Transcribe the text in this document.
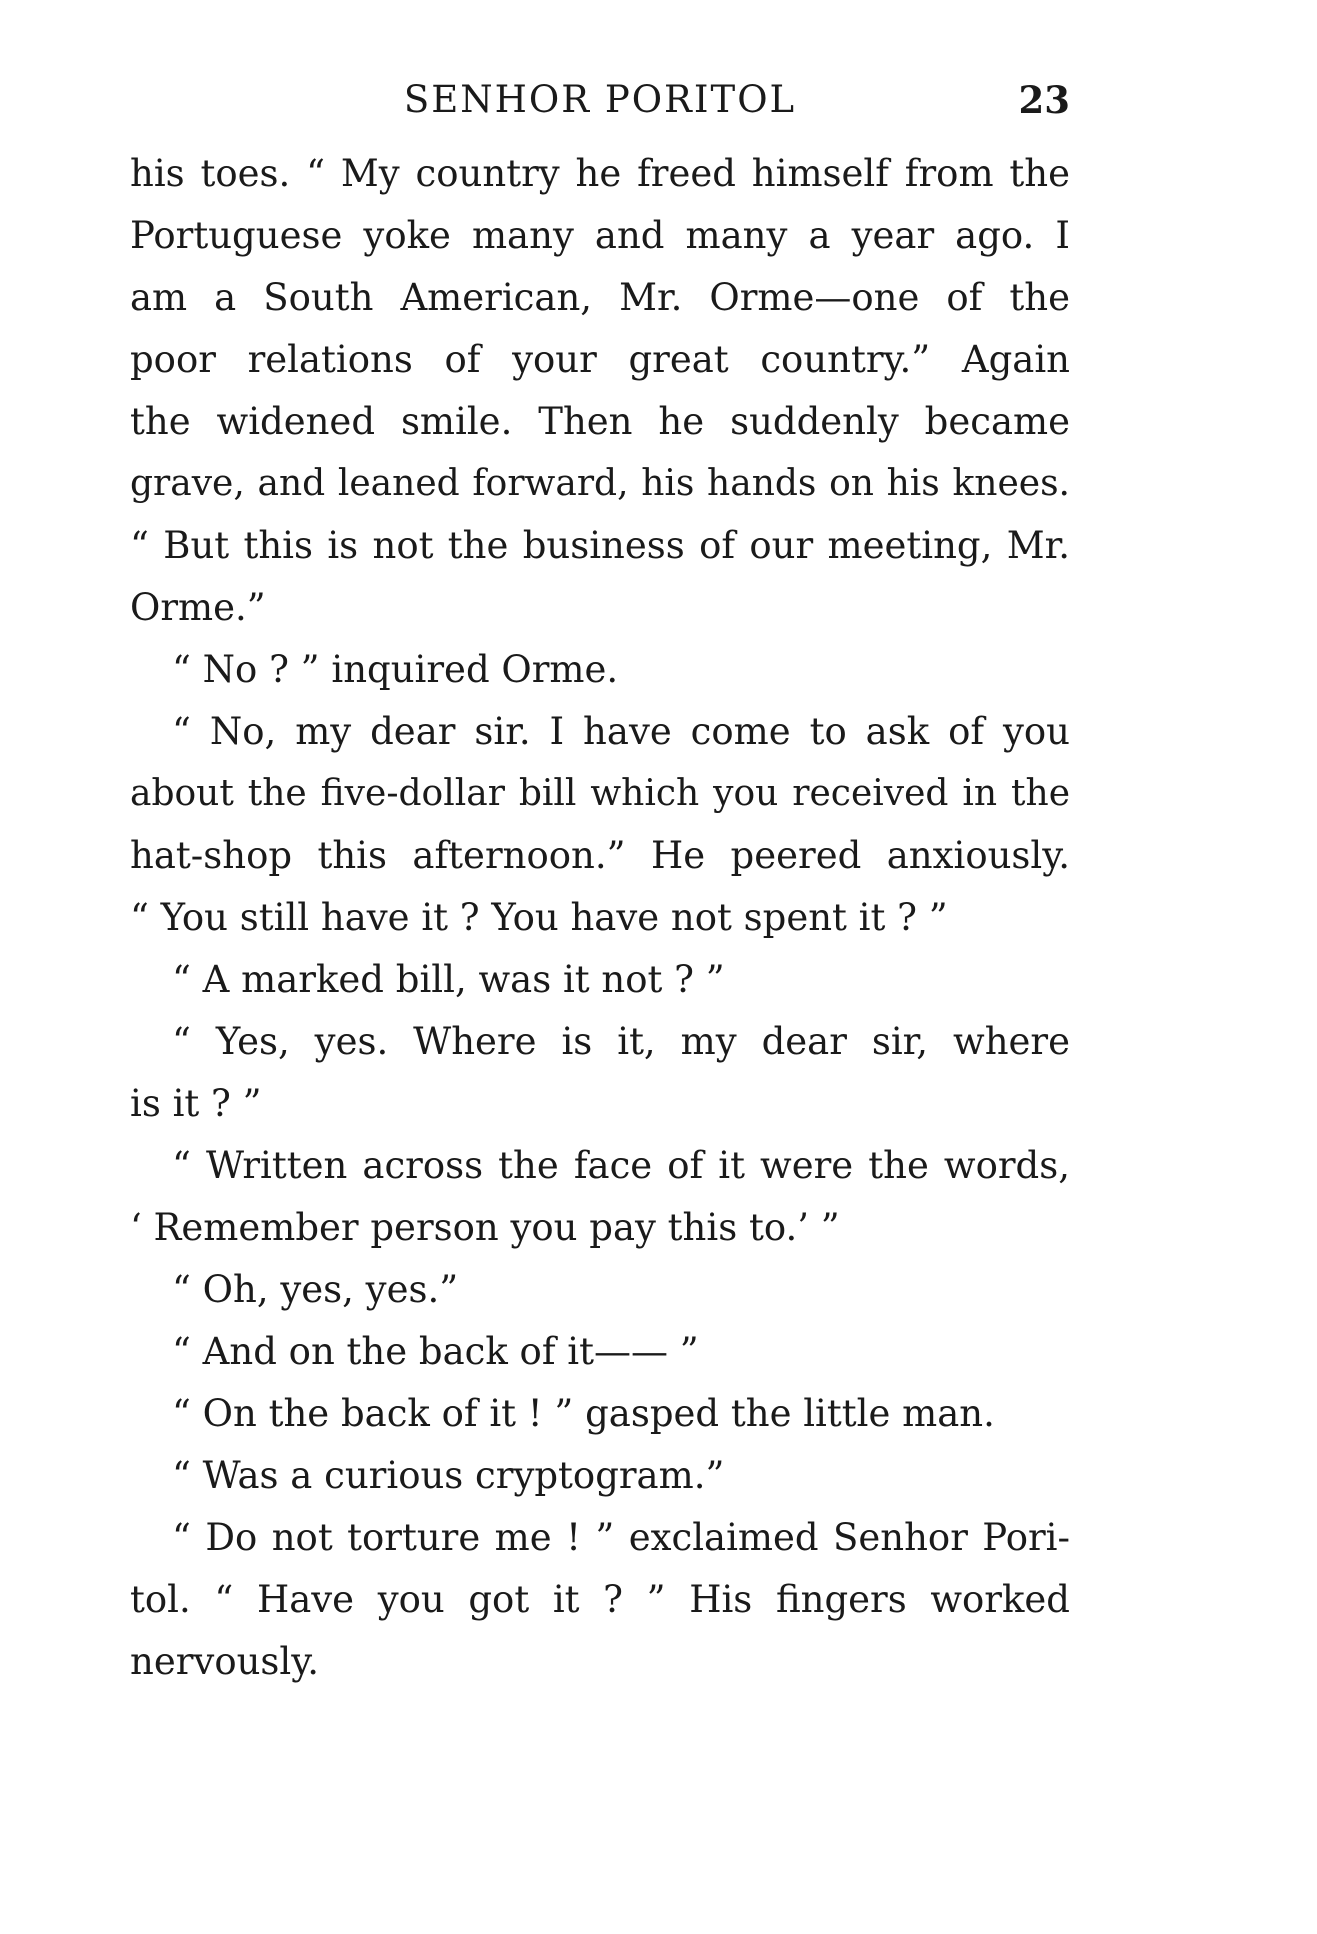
SENHOR PORITOL	23
his toes. “ My country he freed himself from the
Portuguese yoke many and many a year ago. I
am a South American, Mr. Orme—one of the
poor relations of your great country.” Again
the widened smile. Then he suddenly became
grave, and leaned forward, his hands on his knees.
“ But this is not the business of our meeting, Mr.
Orme.”
“ No ? ” inquired Orme.
“ No, my dear sir. I have come to ask of you
about the five-dollar bill which you received in the
hat-shop this afternoon.” He peered anxiously.
“ You still have it ? You have not spent it ? ”
“ A marked bill, was it not ? ”
“ Yes, yes. Where is it, my dear sir, where
is it ? ”
“ Written across the face of it were the words,
‘ Remember person you pay this to.’ ”
“ Oh, yes, yes.”
“ And on the back of it—— ”
“ On the back of it ! ” gasped the little man.
“ Was a curious cryptogram.”
“ Do not torture me ! ” exclaimed Senhor Pori-
tol. “ Have you got it ? ” His fingers worked
nervously.
